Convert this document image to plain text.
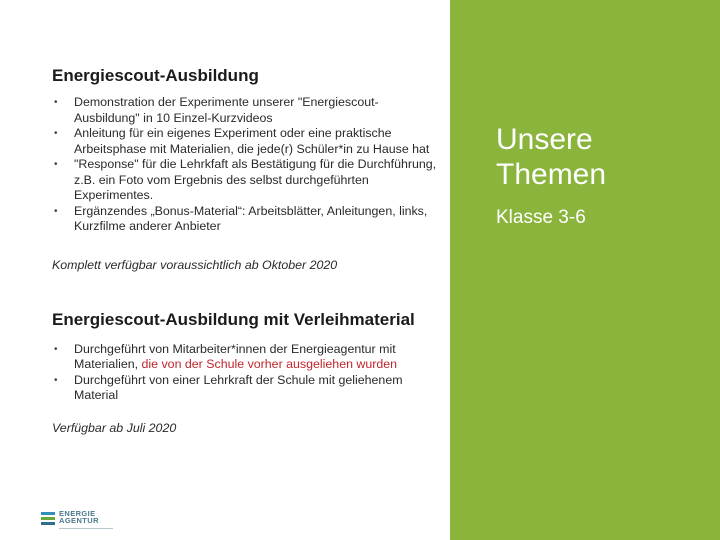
Energiescout-Ausbildung
• Demonstration der Experimente unserer "Energiescout-Ausbildung" in 10 Einzel-Kurzvideos
• Anleitung für ein eigenes Experiment oder eine praktische Arbeitsphase mit Materialien, die jede(r) Schüler*in zu Hause hat
• "Response" für die Lehrkfaft als Bestätigung für die Durchführung, z.B. ein Foto vom Ergebnis des selbst durchgeführten Experimentes.
• Ergänzendes „Bonus-Material“: Arbeitsblätter, Anleitungen, links, Kurzfilme anderer Anbieter
Komplett verfügbar voraussichtlich ab Oktober 2020
Energiescout-Ausbildung mit Verleihmaterial
• Durchgeführt von Mitarbeiter*innen der Energieagentur mit Materialien, die von der Schule vorher ausgeliehen wurden
• Durchgeführt von einer Lehrkraft der Schule mit geliehenem Material
Verfügbar ab Juli 2020
ENERGIE
AGENTUR
Unsere Themen
Klasse 3-6
